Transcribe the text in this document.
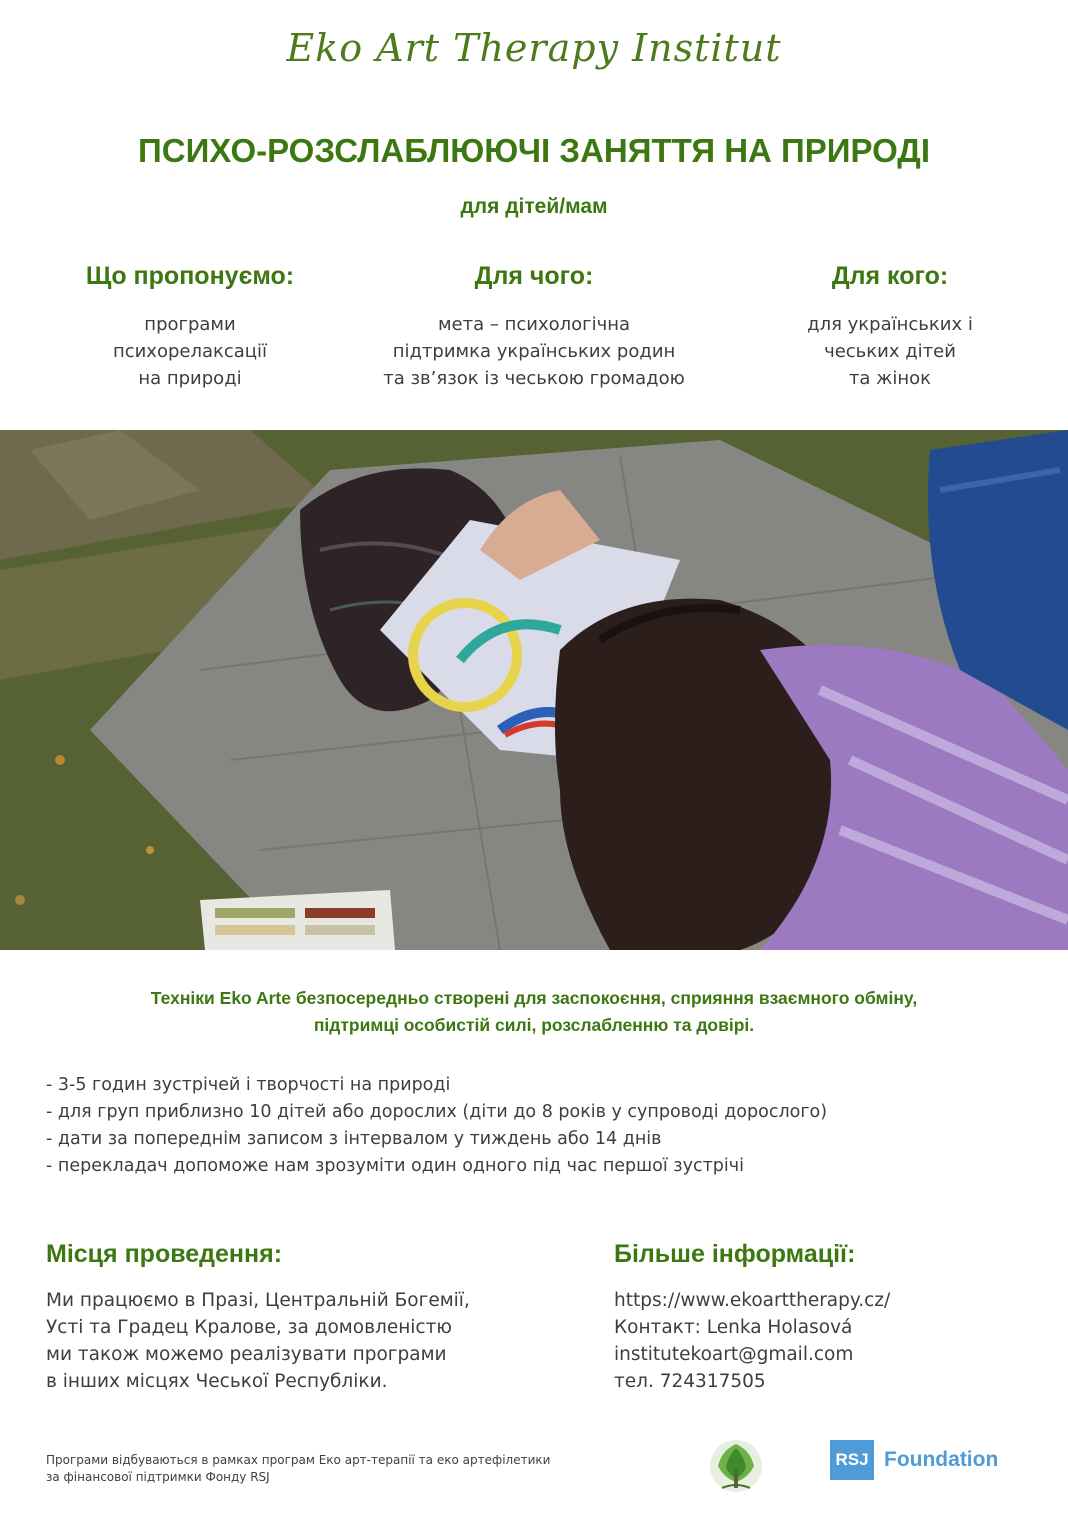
Eko Art Therapy Institut
ПСИХО-РОЗСЛАБЛЮЮЧІ ЗАНЯТТЯ НА ПРИРОДІ
для дітей/мам
Що пропонуємо:

програми
психорелаксації
на природі

Для чого:

мета – психологічна
підтримка українських родин
та зв’язок із чеською громадою

Для кого:

для українських і
чеських дітей
та жінок

Техніки Eko Arte безпосередньо створені для заспокоєння, сприяння взаємного обміну,
підтримці особистій силі, розслабленню та довірі.
- 3-5 годин зустрічей і творчості на природі
- для груп приблизно 10 дітей або дорослих (діти до 8 років у супроводі дорослого)
- дати за попереднім записом з інтервалом у тиждень або 14 днів
- перекладач допоможе нам зрозуміти один одного під час першої зустрічі
Місця проведення:

Ми працюємо в Празі, Центральній Богемії,
Усті та Градец Кралове, за домовленістю
ми також можемо реалізувати програми
в інших місцях Чеської Республіки.

Більше інформації:
https://www.ekoarttherapy.cz/
Контакт: Lenka Holasová
institutekoart@gmail.com
тел. 724317505
Програми відбуваються в рамках програм Еко арт-терапії та еко артефілетики
за фінансової підтримки Фонду RSJ
RSJ Foundation
